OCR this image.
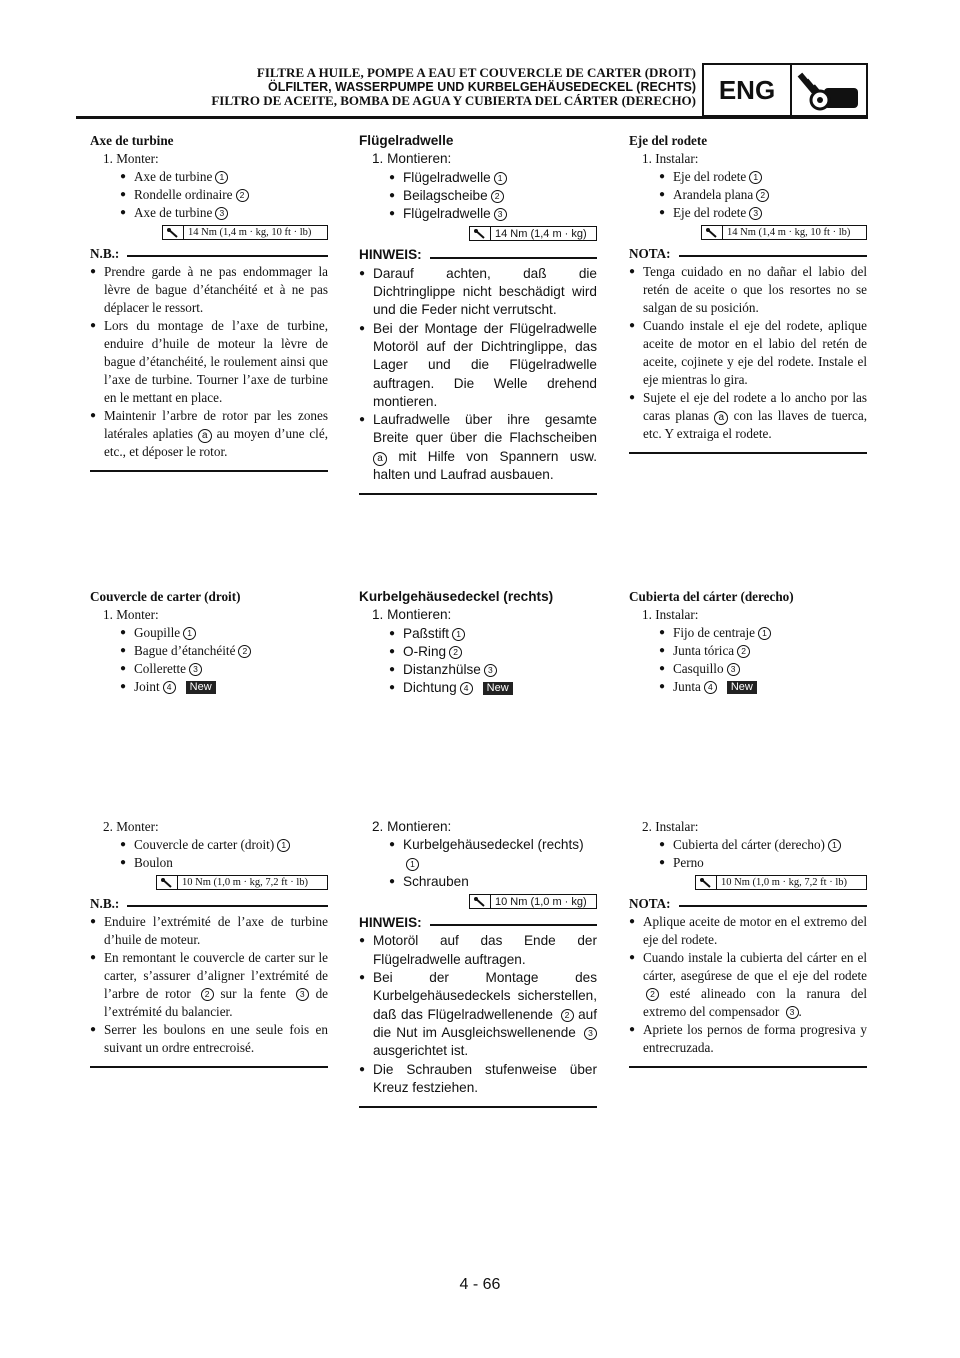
FILTRE A HUILE, POMPE A EAU ET COUVERCLE DE CARTER (DROIT)
ÖLFILTER, WASSERPUMPE UND KURBELGEHÄUSEDECKEL (RECHTS)
FILTRO DE ACEITE, BOMBA DE AGUA Y CUBIERTA DEL CÁRTER (DERECHO) ENG
Axe de turbine
1. Monter:
● Axe de turbine 1
● Rondelle ordinaire 2
● Axe de turbine 3
14 Nm (1,4 m · kg, 10 ft · lb)
N.B.:
● Prendre garde à ne pas endommager la lèvre de bague d’étanchéité et à ne pas déplacer le ressort.
● Lors du montage de l’axe de turbine, enduire d’huile de moteur la lèvre de bague d’étanchéité, le roulement ainsi que l’axe de turbine. Tourner l’axe de turbine en le mettant en place.
● Maintenir l’arbre de rotor par les zones latérales aplaties a au moyen d’une clé, etc., et déposer le rotor.
Couvercle de carter (droit)
1. Monter:
● Goupille 1
● Bague d’étanchéité 2
● Collerette 3
● Joint 4 New
2. Monter:
● Couvercle de carter (droit) 1
● Boulon
10 Nm (1,0 m · kg, 7,2 ft · lb)
N.B.:
● Enduire l’extrémité de l’axe de turbine d’huile de moteur.
● En remontant le couvercle de carter sur le carter, s’assurer d’aligner l’extrémité de l’arbre de rotor 2 sur la fente 3 de l’extrémité du balancier.
● Serrer les boulons en une seule fois en suivant un ordre entrecroisé.
Flügelradwelle
1. Montieren:
● Flügelradwelle 1
● Beilagscheibe 2
● Flügelradwelle 3
14 Nm (1,4 m · kg)
HINWEIS:
● Darauf achten, daß die Dichtringlippe nicht beschädigt wird und die Feder nicht verrutscht.
● Bei der Montage der Flügelradwelle Motoröl auf der Dichtringlippe, das Lager und die Flügelradwelle auftragen. Die Welle drehend montieren.
● Laufradwelle über ihre gesamte Breite quer über die Flachscheiben a mit Hilfe von Spannern usw. halten und Laufrad ausbauen.
Kurbelgehäusedeckel (rechts)
1. Montieren:
● Paßstift 1
● O-Ring 2
● Distanzhülse 3
● Dichtung 4 New
2. Montieren:
● Kurbelgehäusedeckel (rechts)1
● Schrauben
10 Nm (1,0 m · kg)
HINWEIS:
● Motoröl auf das Ende der Flügelradwelle auftragen.
● Bei der Montage des Kurbelgehäusedeckels sicherstellen, daß das Flügelradwellenende 2 auf die Nut im Ausgleichswellenende 3 ausgerichtet ist.
● Die Schrauben stufenweise über Kreuz festziehen.
Eje del rodete
1. Instalar:
● Eje del rodete 1
● Arandela plana 2
● Eje del rodete 3
14 Nm (1,4 m · kg, 10 ft · lb)
NOTA:
● Tenga cuidado en no dañar el labio del retén de aceite o que los resortes no se salgan de su posición.
● Cuando instale el eje del rodete, aplique aceite de motor en el labio del retén de aceite, cojinete y eje del rodete. Instale el eje mientras lo gira.
● Sujete el eje del rodete a lo ancho por las caras planas a con las llaves de tuerca, etc. Y extraiga el rodete.
Cubierta del cárter (derecho)
1. Instalar:
● Fijo de centraje 1
● Junta tórica 2
● Casquillo 3
● Junta 4 New
2. Instalar:
● Cubierta del cárter (derecho) 1
● Perno
10 Nm (1,0 m · kg, 7,2 ft · lb)
NOTA:
● Aplique aceite de motor en el extremo del eje del rodete.
● Cuando instale la cubierta del cárter en el cárter, asegúrese de que el eje del rodete 2 esté alineado con la ranura del extremo del compensador 3 .
● Apriete los pernos de forma progresiva y entrecruzada.
4 - 66
